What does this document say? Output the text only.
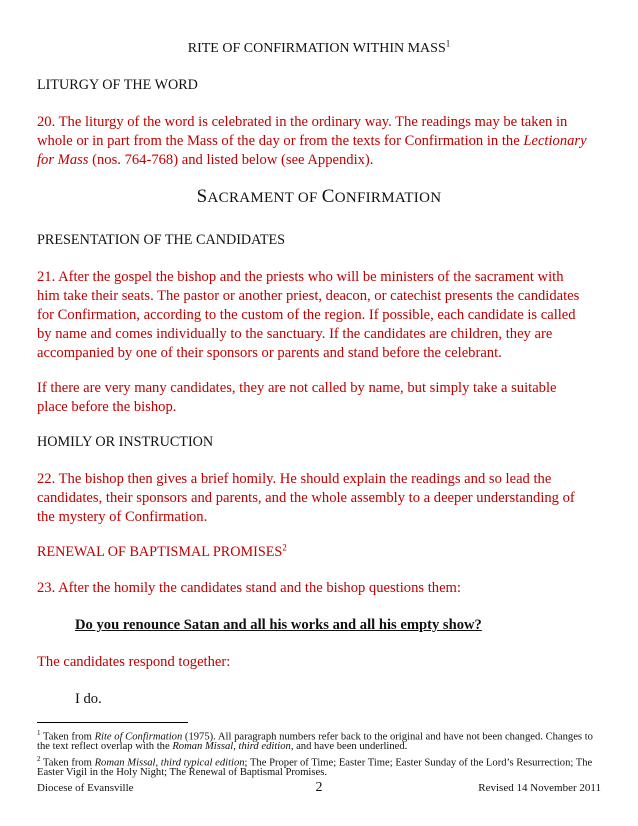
RITE OF CONFIRMATION WITHIN MASS$^1$
LITURGY OF THE WORD
20. The liturgy of the word is celebrated in the ordinary way. The readings may be taken in
whole or in part from the Mass of the day or from the texts for Confirmation in the Lectionary
for Mass (nos. 764-768) and listed below (see Appendix).
SACRAMENT OF CONFIRMATION
PRESENTATION OF THE CANDIDATES
21. After the gospel the bishop and the priests who will be ministers of the sacrament with
him take their seats. The pastor or another priest, deacon, or catechist presents the candidates
for Confirmation, according to the custom of the region. If possible, each candidate is called
by name and comes individually to the sanctuary. If the candidates are children, they are
accompanied by one of their sponsors or parents and stand before the celebrant.
If there are very many candidates, they are not called by name, but simply take a suitable
place before the bishop.
HOMILY OR INSTRUCTION
22. The bishop then gives a brief homily. He should explain the readings and so lead the
candidates, their sponsors and parents, and the whole assembly to a deeper understanding of
the mystery of Confirmation.
RENEWAL OF BAPTISMAL PROMISES$^2$
23. After the homily the candidates stand and the bishop questions them:
Do you renounce Satan and all his works and all his empty show?
The candidates respond together:
I do.
$^1$ Taken from Rite of Confirmation (1975). All paragraph numbers refer back to the original and have not been changed. Changes to
the text reflect overlap with the Roman Missal, third edition, and have been underlined.
$^2$ Taken from Roman Missal, third typical edition; The Proper of Time; Easter Time; Easter Sunday of the Lord’s Resurrection; The
Easter Vigil in the Holy Night; The Renewal of Baptismal Promises.
Diocese of Evansville	2	Revised 14 November 2011
